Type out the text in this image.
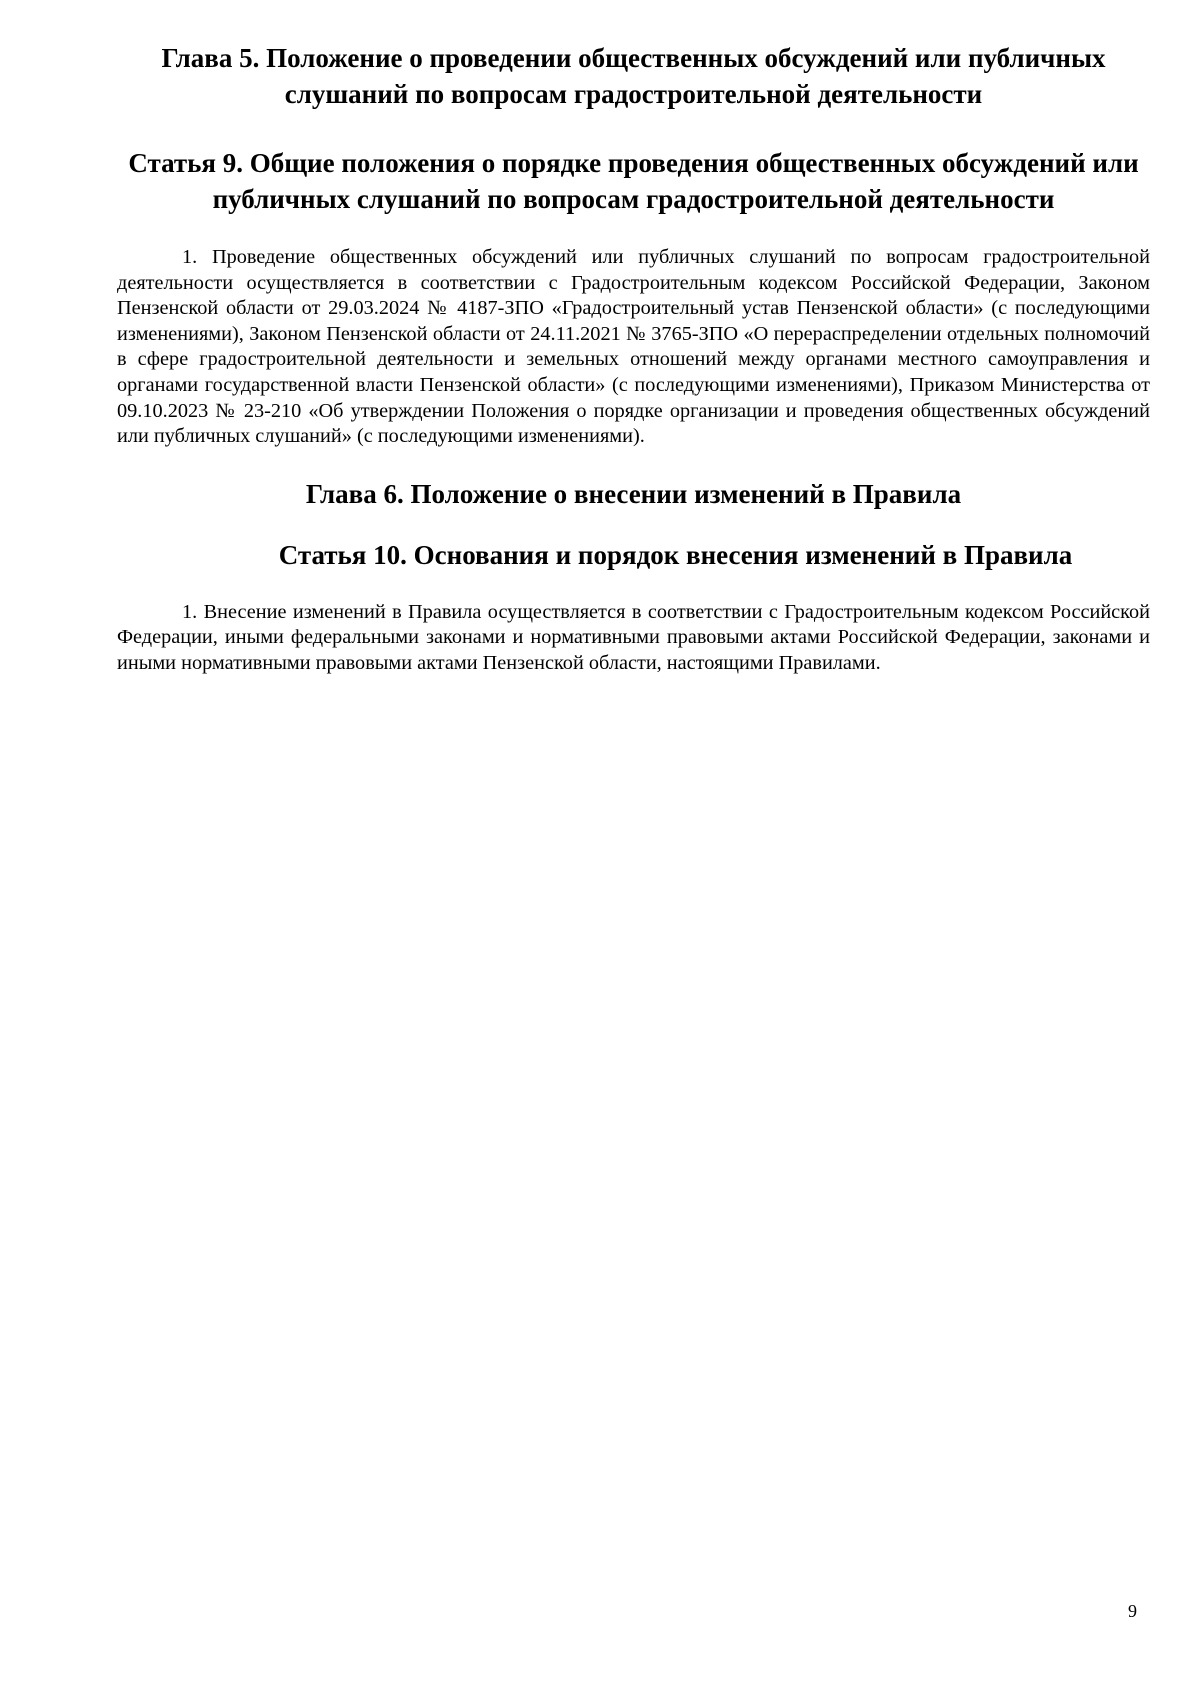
Глава 5. Положение о проведении общественных обсуждений или публичных слушаний по вопросам градостроительной деятельности
Статья 9. Общие положения о порядке проведения общественных обсуждений или публичных слушаний по вопросам градостроительной деятельности

1. Проведение общественных обсуждений или публичных слушаний по вопросам градостроительной деятельности осуществляется в соответствии с Градостроительным кодексом Российской Федерации, Законом Пензенской области от 29.03.2024 № 4187-ЗПО «Градостроительный устав Пензенской области» (с последующими изменениями), Законом Пензенской области от 24.11.2021 № 3765-ЗПО «О перераспределении отдельных полномочий в сфере градостроительной деятельности и земельных отношений между органами местного самоуправления и органами государственной власти Пензенской области» (с последующими изменениями), Приказом Министерства от 09.10.2023 № 23-210 «Об утверждении Положения о порядке организации и проведения общественных обсуждений или публичных слушаний» (с последующими изменениями).

Глава 6. Положение о внесении изменений в Правила
Статья 10. Основания и порядок внесения изменений в Правила

1. Внесение изменений в Правила осуществляется в соответствии с Градостроительным кодексом Российской Федерации, иными федеральными законами и нормативными правовыми актами Российской Федерации, законами и иными нормативными правовыми актами Пензенской области, настоящими Правилами.

9
